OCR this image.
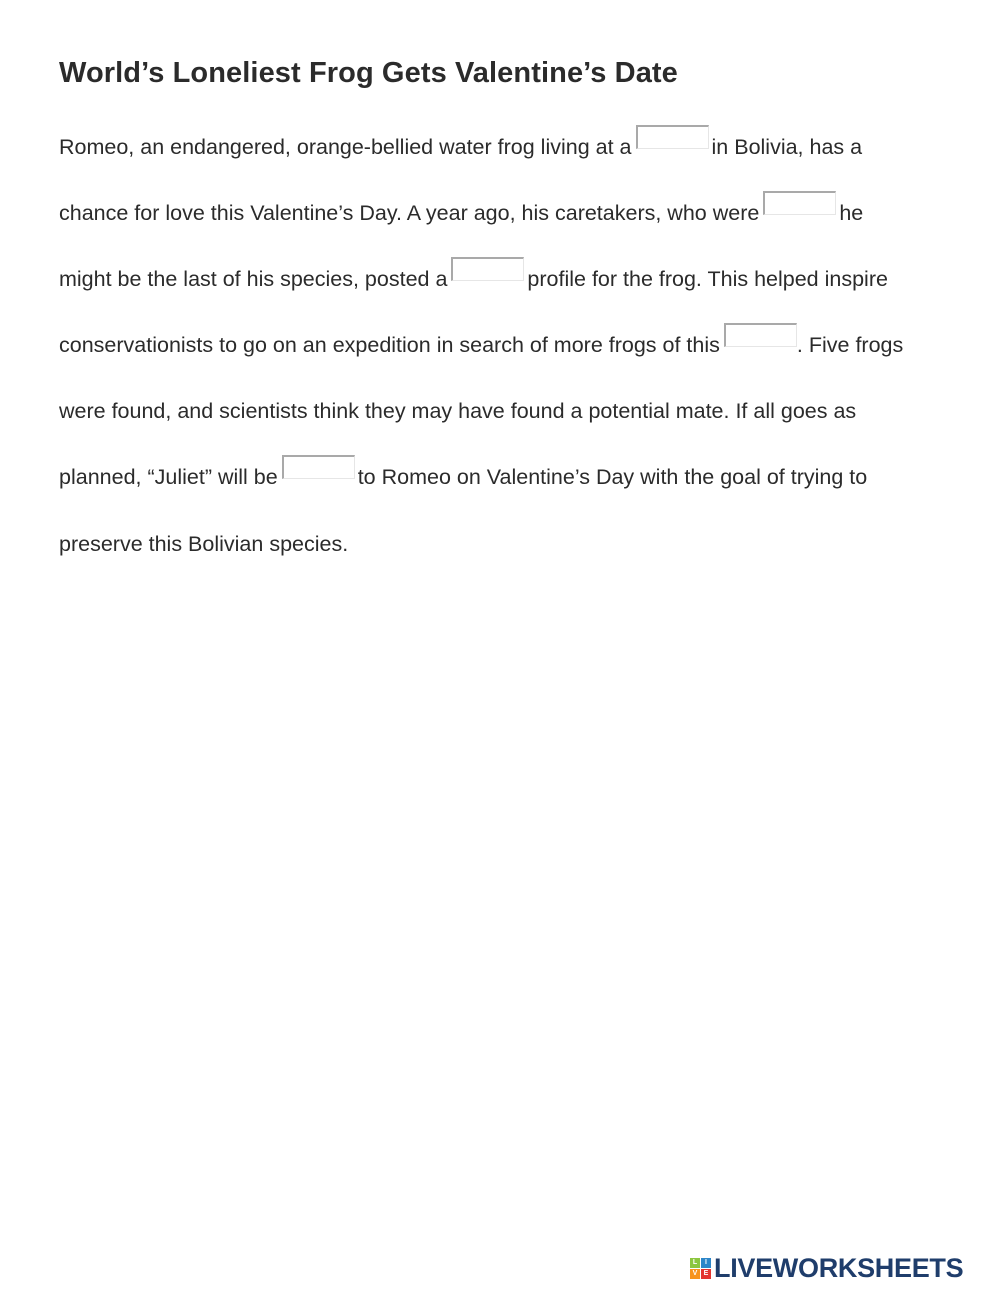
World’s Loneliest Frog Gets Valentine’s Date
Romeo, an endangered, orange-bellied water frog living at a	in Bolivia, has a
chance for love this Valentine’s Day. A year ago, his caretakers, who were	he
might be the last of his species, posted a	profile for the frog. This helped inspire
conservationists to go on an expedition in search of more frogs of this	. Five frogs
were found, and scientists think they may have found a potential mate. If all goes as
planned, “Juliet” will be	to Romeo on Valentine’s Day with the goal of trying to
preserve this Bolivian species.
L	I
V E LIVEWORKSHEETS
